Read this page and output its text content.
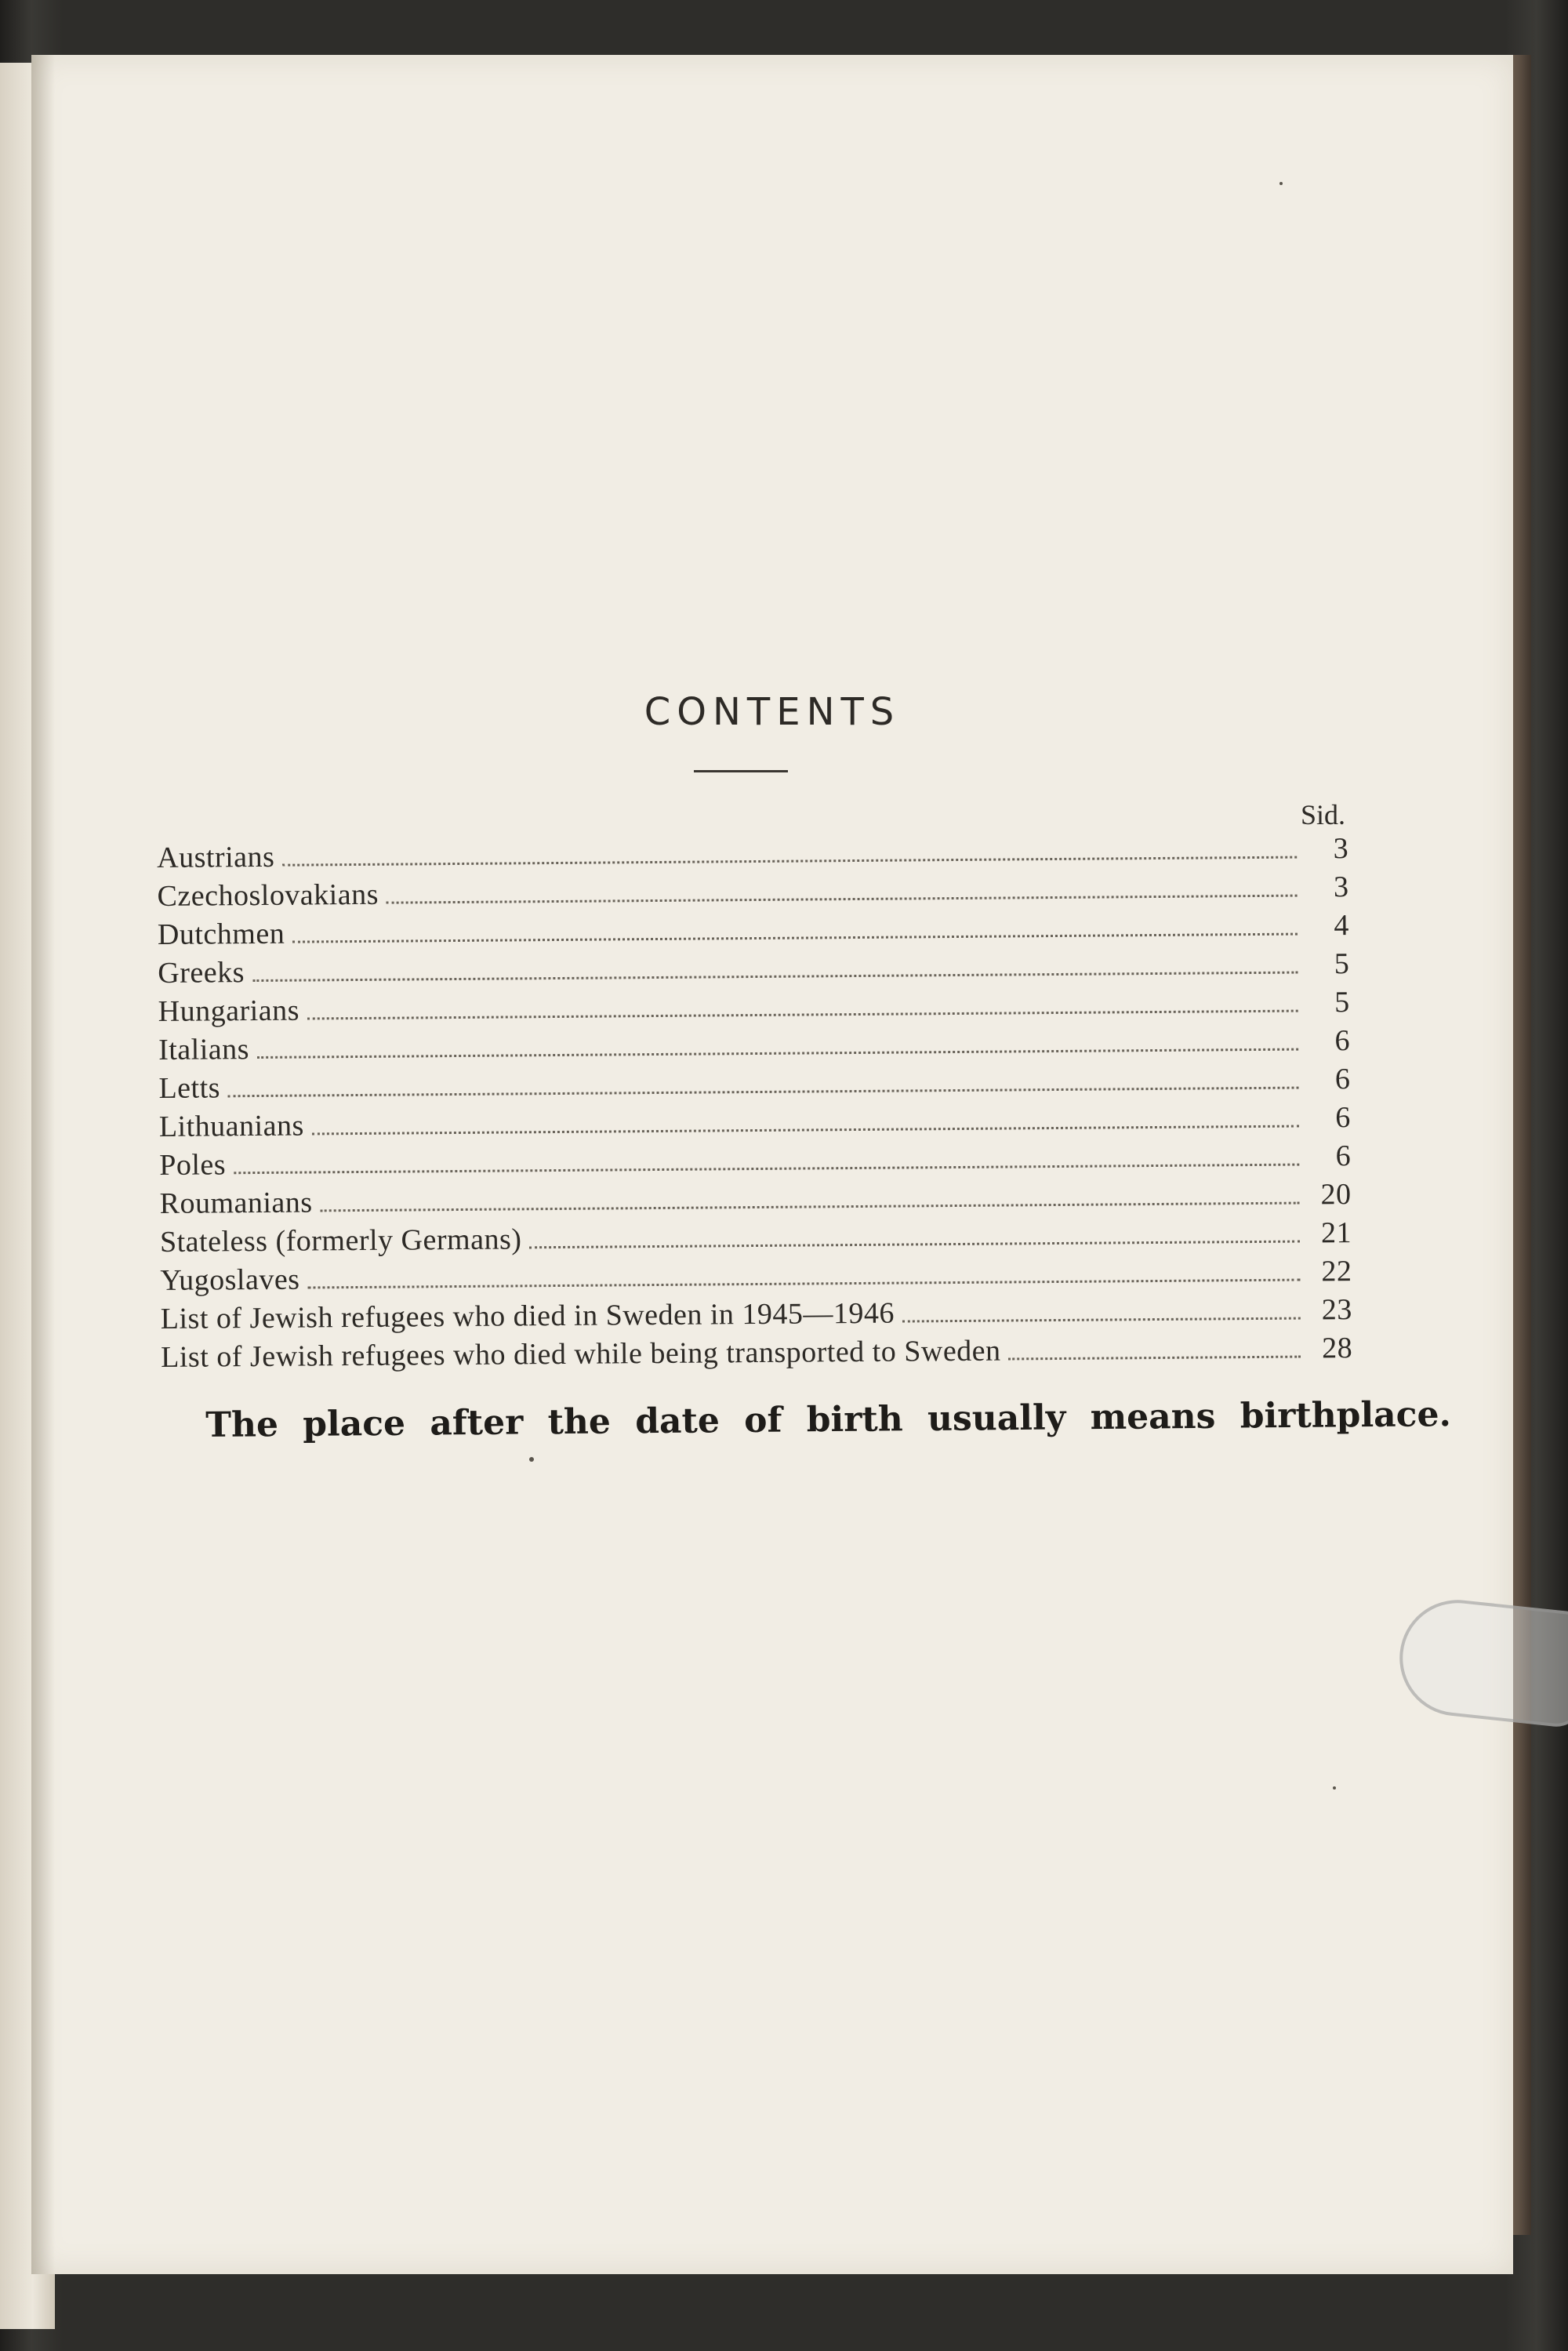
CONTENTS
Sid.
Austrians	3
Czechoslovakians	3
Dutchmen	4
Greeks	5
Hungarians	5
Italians	6
Letts	6
Lithuanians	6
Poles	6
Roumanians	20
Stateless (formerly Germans)	21
Yugoslaves	22
List of Jewish refugees who died in Sweden in 1945—1946	23
List of Jewish refugees who died while being transported to Sweden	28
The place after the date of birth usually means birthplace.
